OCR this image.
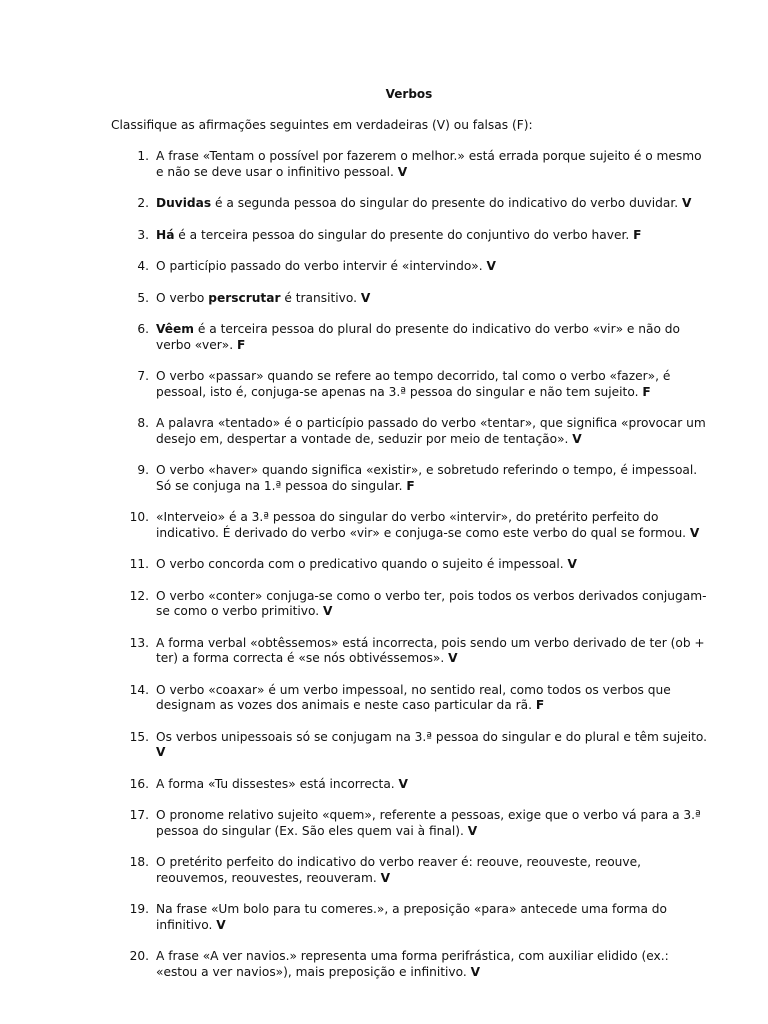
Verbos
Classifique as afirmações seguintes em verdadeiras (V) ou falsas (F):
1. A frase «Tentam o possível por fazerem o melhor.» está errada porque sujeito é o mesmo e não se deve usar o infinitivo pessoal. V
2. Duvidas é a segunda pessoa do singular do presente do indicativo do verbo duvidar. V
3. Há é a terceira pessoa do singular do presente do conjuntivo do verbo haver. F
4. O particípio passado do verbo intervir é «intervindo». V
5. O verbo perscrutar é transitivo. V
6. Vêem é a terceira pessoa do plural do presente do indicativo do verbo «vir» e não do verbo «ver». F
7. O verbo «passar» quando se refere ao tempo decorrido, tal como o verbo «fazer», é pessoal, isto é, conjuga-se apenas na 3.ª pessoa do singular e não tem sujeito. F
8. A palavra «tentado» é o particípio passado do verbo «tentar», que significa «provocar um desejo em, despertar a vontade de, seduzir por meio de tentação». V
9. O verbo «haver» quando significa «existir», e sobretudo referindo o tempo, é impessoal. Só se conjuga na 1.ª pessoa do singular. F
10. «Interveio» é a 3.ª pessoa do singular do verbo «intervir», do pretérito perfeito do indicativo. É derivado do verbo «vir» e conjuga-se como este verbo do qual se formou. V
11. O verbo concorda com o predicativo quando o sujeito é impessoal. V
12. O verbo «conter» conjuga-se como o verbo ter, pois todos os verbos derivados conjugam-se como o verbo primitivo. V
13. A forma verbal «obtêssemos» está incorrecta, pois sendo um verbo derivado de ter (ob + ter) a forma correcta é «se nós obtivéssemos». V
14. O verbo «coaxar» é um verbo impessoal, no sentido real, como todos os verbos que designam as vozes dos animais e neste caso particular da rã. F
15. Os verbos unipessoais só se conjugam na 3.ª pessoa do singular e do plural e têm sujeito. V
16. A forma «Tu dissestes» está incorrecta. V
17. O pronome relativo sujeito «quem», referente a pessoas, exige que o verbo vá para a 3.ª pessoa do singular (Ex. São eles quem vai à final). V
18. O pretérito perfeito do indicativo do verbo reaver é: reouve, reouveste, reouve, reouvemos, reouvestes, reouveram. V
19. Na frase «Um bolo para tu comeres.», a preposição «para» antecede uma forma do infinitivo. V
20. A frase «A ver navios.» representa uma forma perifrástica, com auxiliar elidido (ex.: «estou a ver navios»), mais preposição e infinitivo. V
